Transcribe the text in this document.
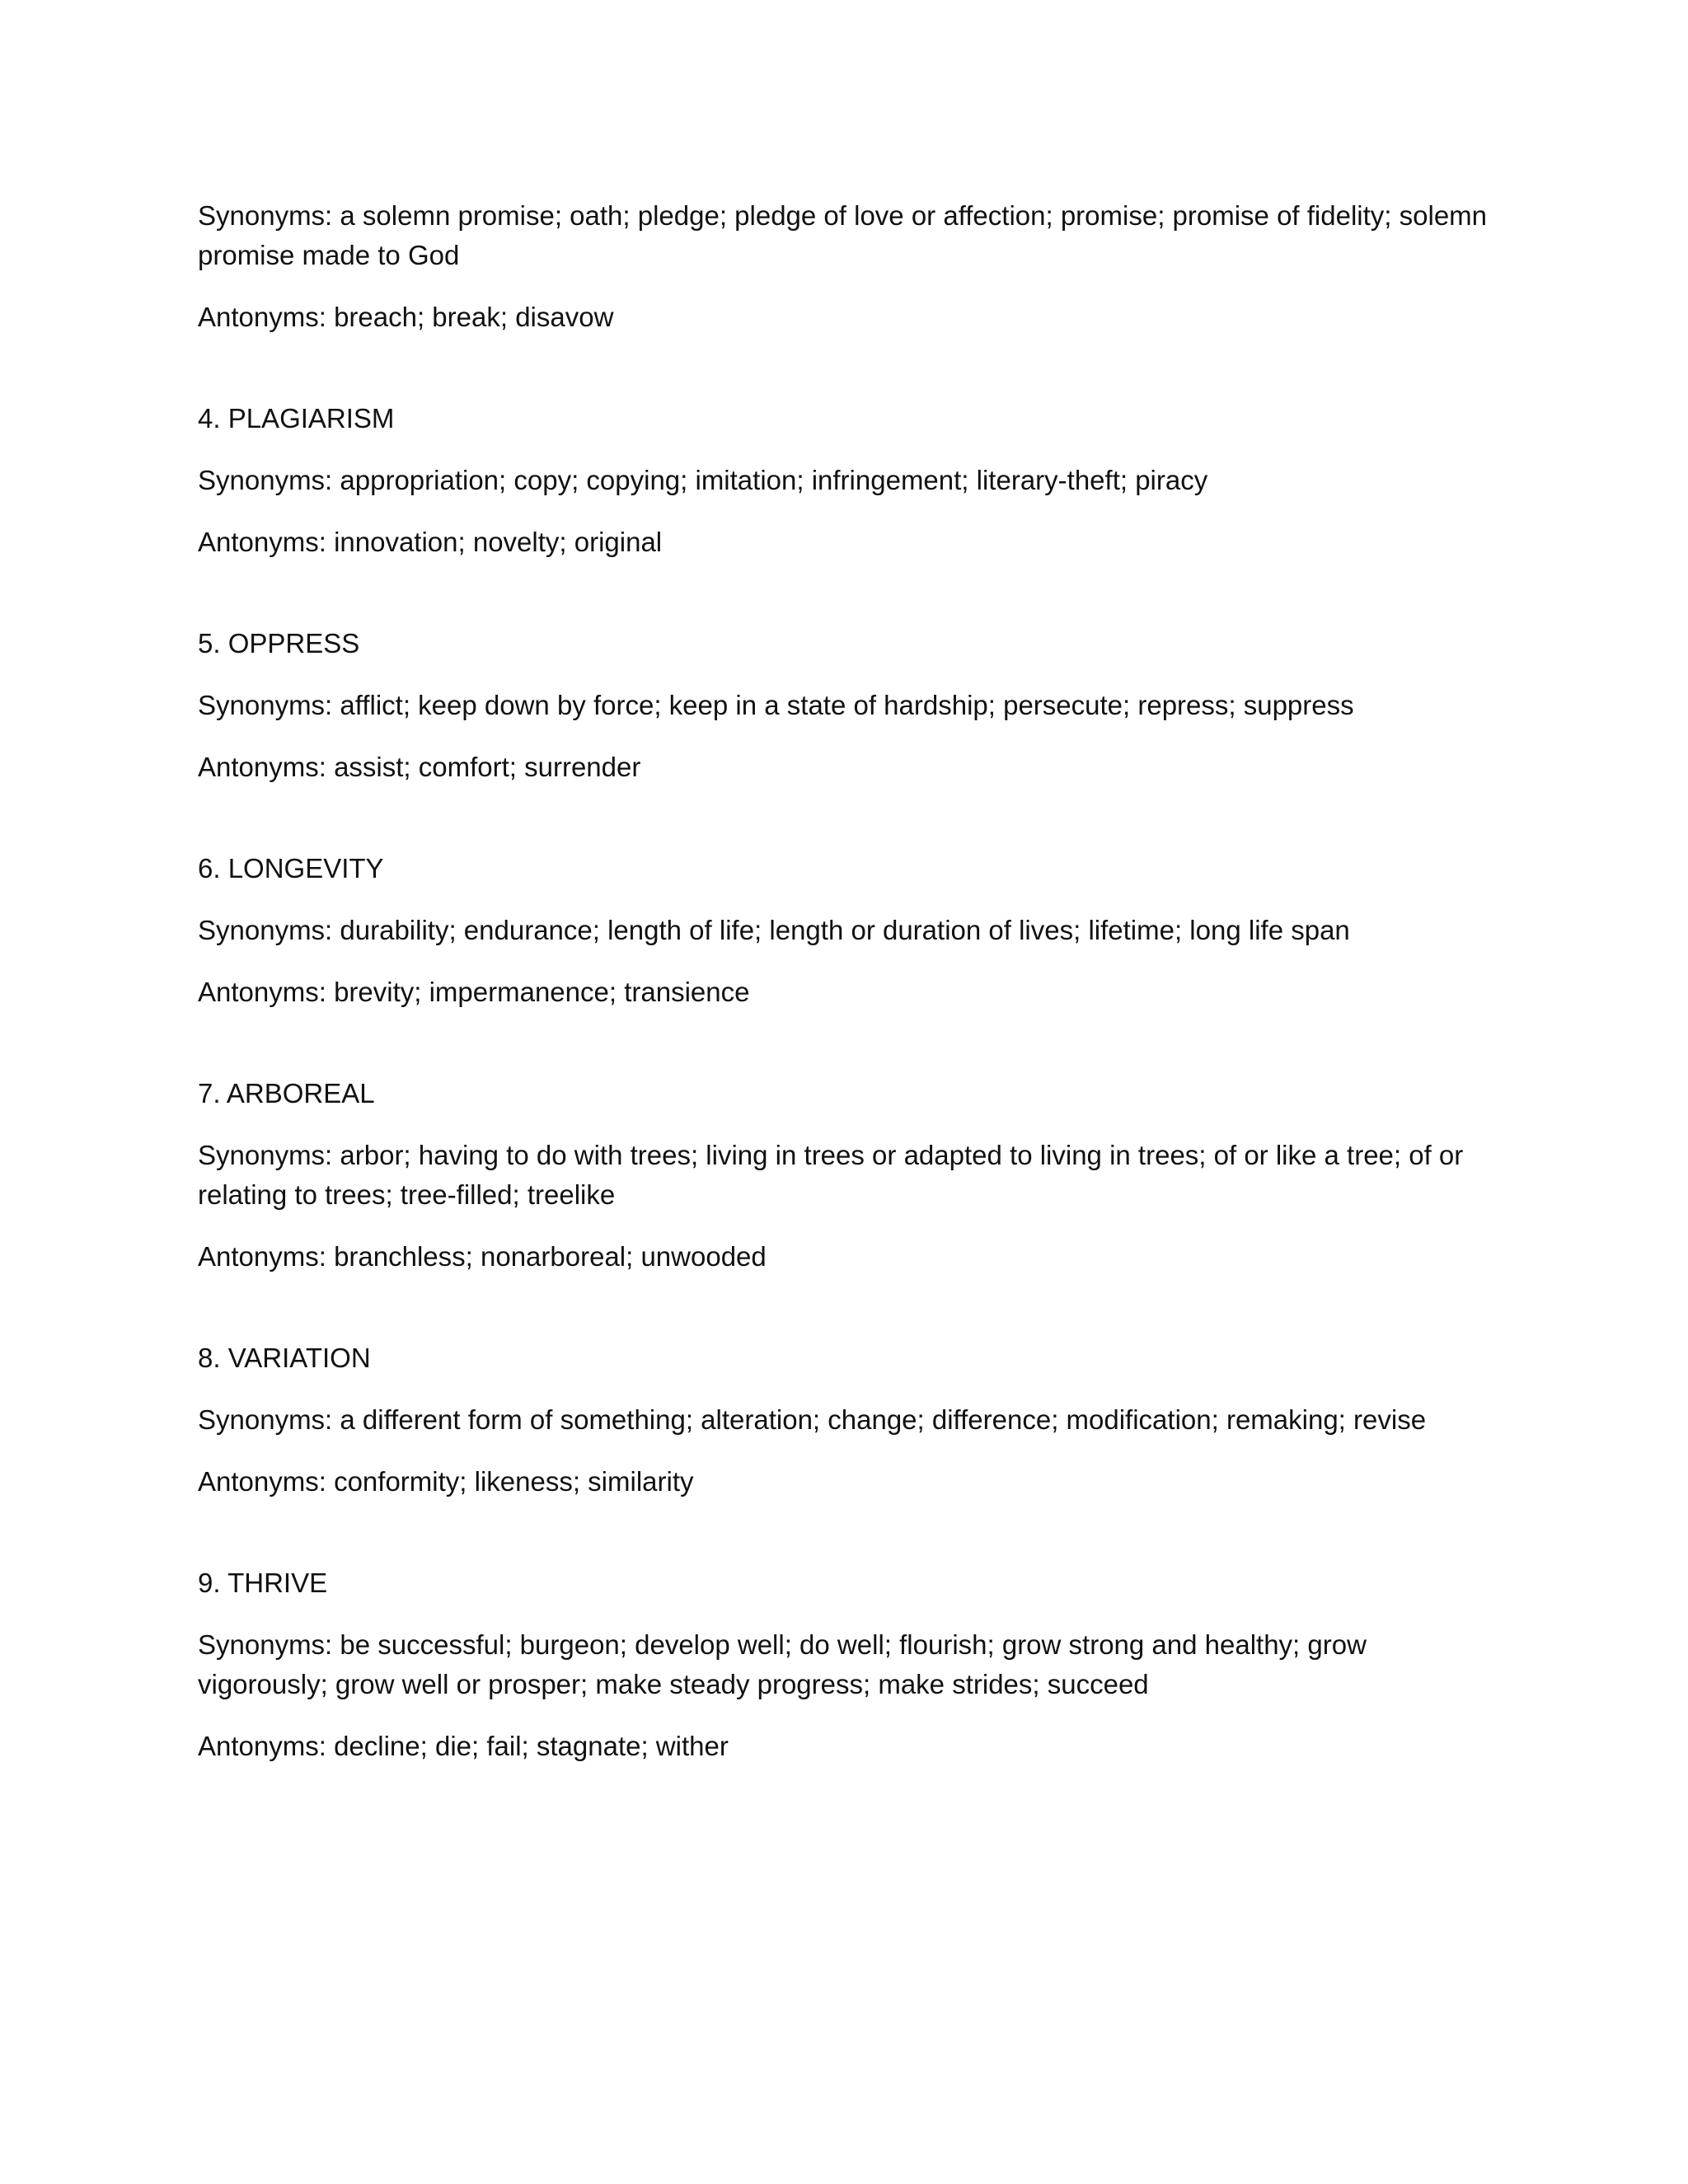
Synonyms: a solemn promise; oath; pledge; pledge of love or affection; promise; promise of fidelity; solemn promise made to God

Antonyms: breach; break; disavow

4. PLAGIARISM

Synonyms: appropriation; copy; copying; imitation; infringement; literary-theft; piracy

Antonyms: innovation; novelty; original

5. OPPRESS

Synonyms: afflict; keep down by force; keep in a state of hardship; persecute; repress; suppress

Antonyms: assist; comfort; surrender

6. LONGEVITY

Synonyms: durability; endurance; length of life; length or duration of lives; lifetime; long life span

Antonyms: brevity; impermanence; transience

7. ARBOREAL

Synonyms: arbor; having to do with trees; living in trees or adapted to living in trees; of or like a tree; of or relating to trees; tree-filled; treelike

Antonyms: branchless; nonarboreal; unwooded

8. VARIATION

Synonyms: a different form of something; alteration; change; difference; modification; remaking; revise

Antonyms: conformity; likeness; similarity

9. THRIVE

Synonyms: be successful; burgeon; develop well; do well; flourish; grow strong and healthy; grow vigorously; grow well or prosper; make steady progress; make strides; succeed

Antonyms: decline; die; fail; stagnate; wither
